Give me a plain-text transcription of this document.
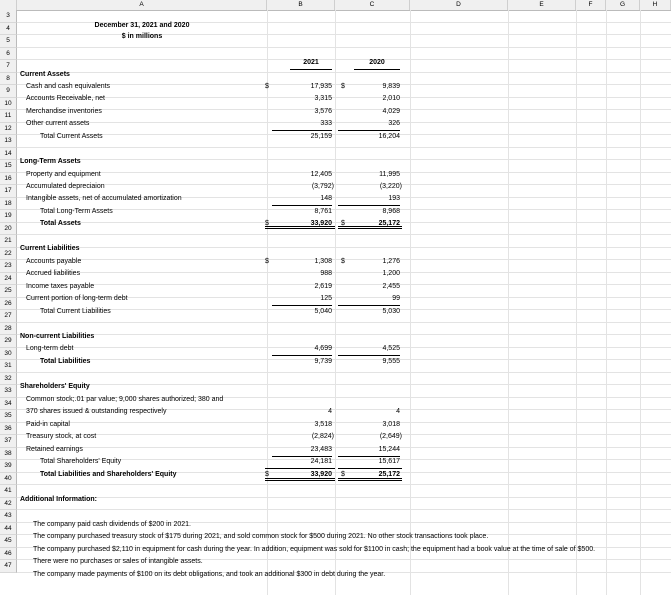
A	B	C	D	E	F	G	H
3
4
5
6
7
8
9
10
11
12
13
14
15
16
17
18
19
20
21
22
23
24
25
26
27
28
29
30
31
32
33
34
35
36
37
38
39
40
41
42
43
44
45
46
47
December 31, 2021 and 2020
$ in millions
2021	2020
Current Assets
Cash and cash equivalents	$	17,935 $	9,839
Accounts Receivable, net	3,315	2,010
Merchandise inventories	3,576	4,029
Other current assets	333	326
Total Current Assets	25,159	16,204
Long-Term Assets
Property and equipment	12,405	11,995
Accumulated depreciaion	(3,792)	(3,220)
Intangible assets, net of accumulated amortization	148	193
Total Long-Term Assets	8,761	8,968
Total Assets	$	33,920 $	25,172
Current Liabilities
Accounts payable	$	1,308 $	1,276
Accrued liabilities	988	1,200
Income taxes payable	2,619	2,455
Current portion of long-term debt	125	99
Total Current Liabilities	5,040	5,030
Non-current Liabilities
Long-term debt	4,699	4,525
Total Liabilities	9,739	9,555
Shareholders' Equity
Common stock;.01 par value; 9,000 shares authorized; 380 and
370 shares issued & outstanding respectively	4	4
Paid-in capital	3,518	3,018
Treasury stock, at cost	(2,824)	(2,649)
Retained earnings	23,483	15,244
Total Shareholders' Equity	24,181	15,617
Total Liabilities and Shareholders' Equity	$	33,920 $	25,172
Additional Information:
The company paid cash dividends of $200 in 2021.
The company purchased treasury stock of $175 during 2021, and sold common stock for $500 during 2021. No other stock transactions took place.
The company purchased $2,110 in equipment for cash during the year. In addition, equipment was sold for $1100 in cash; the equipment had a book value at the time of sale of $500.
There were no purchases or sales of intangible assets.
The company made payments of $100 on its debt obligations, and took an additional $300 in debt during the year.
